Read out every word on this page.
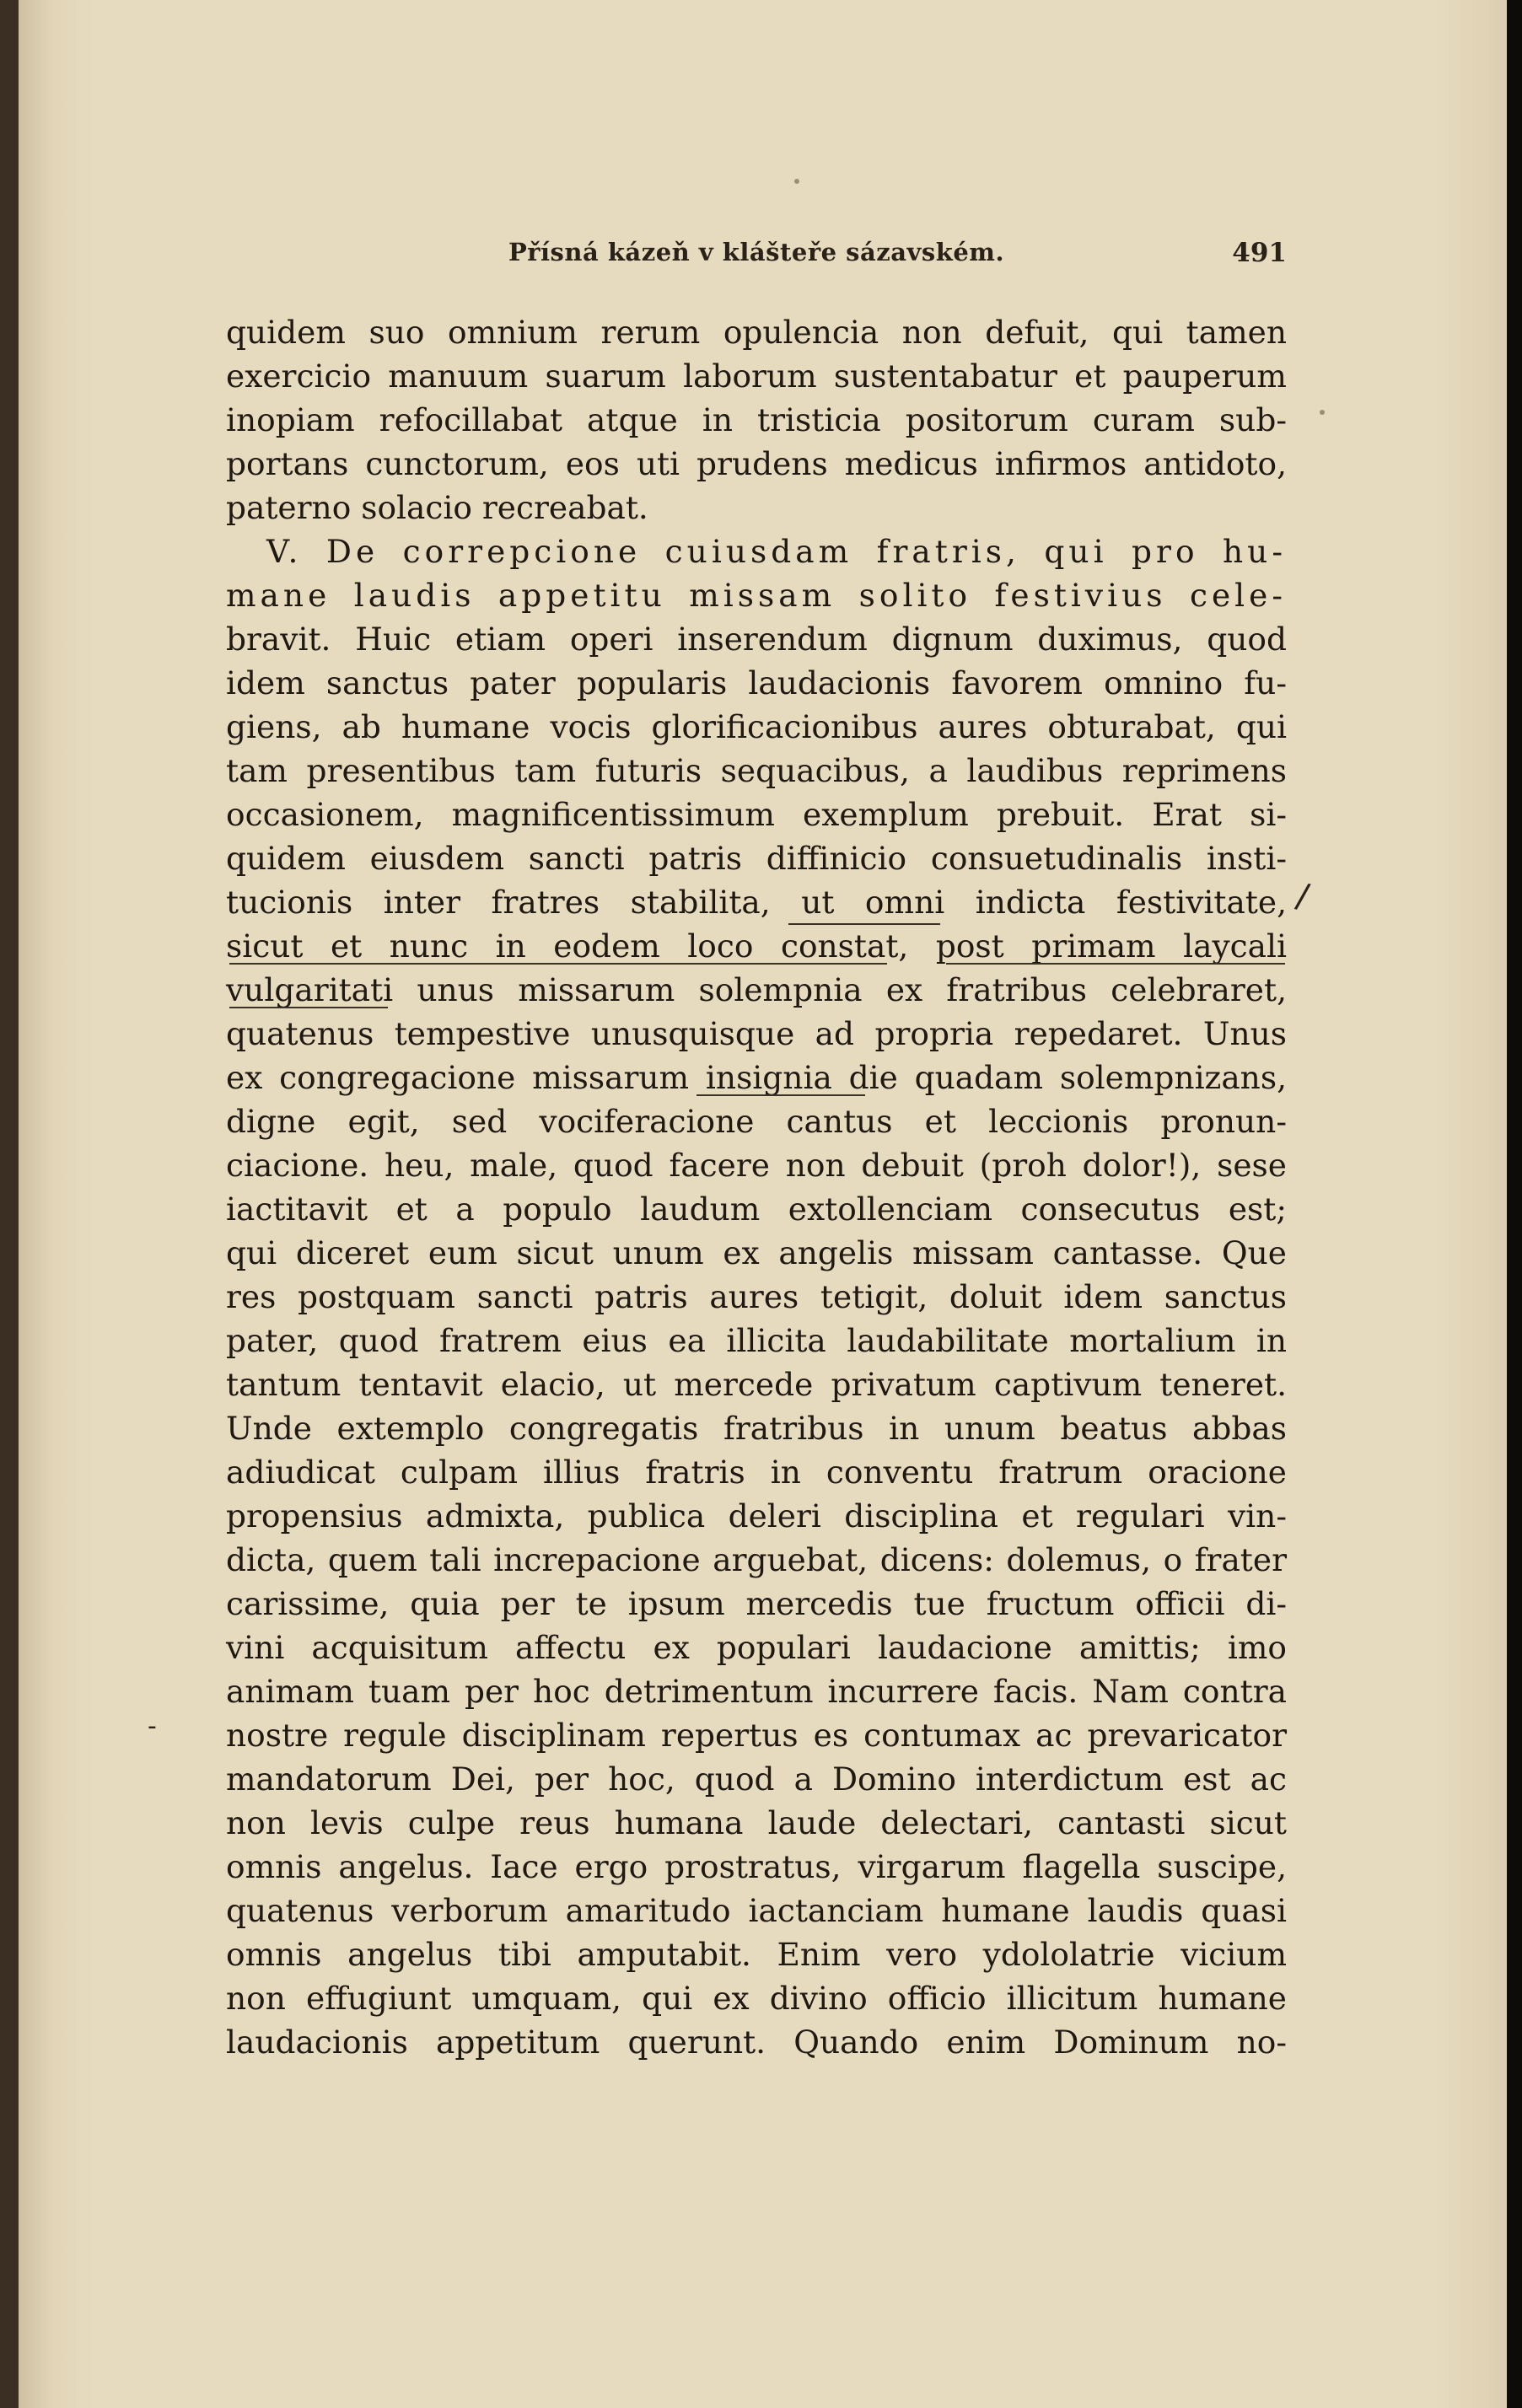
Přísná kázeň v klášteře sázavském.	491
quidem suo omnium rerum opulencia non defuit, qui tamen
exercicio manuum suarum laborum sustentabatur et pauperum
inopiam refocillabat atque in tristicia positorum curam sub-
portans cunctorum, eos uti prudens medicus infirmos antidoto,
paterno solacio recreabat.
V. De correpcione cuiusdam fratris, qui pro hu-
mane laudis appetitu missam solito festivius cele-
bravit. Huic etiam operi inserendum dignum duximus, quod
idem sanctus pater popularis laudacionis favorem omnino fu-
giens, ab humane vocis glorificacionibus aures obturabat, qui
tam presentibus tam futuris sequacibus, a laudibus reprimens
occasionem, magnificentissimum exemplum prebuit. Erat si-
quidem eiusdem sancti patris diffinicio consuetudinalis insti-
tucionis inter fratres stabilita, ut omni indicta festivitate,
sicut et nunc in eodem loco constat, post primam laycali
vulgaritati unus missarum solempnia ex fratribus celebraret,
quatenus tempestive unusquisque ad propria repedaret. Unus
ex congregacione missarum insignia die quadam solempnizans,
digne egit, sed vociferacione cantus et leccionis pronun-
ciacione. heu, male, quod facere non debuit (proh dolor!), sese
iactitavit et a populo laudum extollenciam consecutus est;
qui diceret eum sicut unum ex angelis missam cantasse. Que
res postquam sancti patris aures tetigit, doluit idem sanctus
pater, quod fratrem eius ea illicita laudabilitate mortalium in
tantum tentavit elacio, ut mercede privatum captivum teneret.
Unde extemplo congregatis fratribus in unum beatus abbas
adiudicat culpam illius fratris in conventu fratrum oracione
propensius admixta, publica deleri disciplina et regulari vin-
dicta, quem tali increpacione arguebat, dicens: dolemus, o frater
carissime, quia per te ipsum mercedis tue fructum officii di-
vini acquisitum affectu ex populari laudacione amittis; imo
animam tuam per hoc detrimentum incurrere facis. Nam contra
nostre regule disciplinam repertus es contumax ac prevaricator
mandatorum Dei, per hoc, quod a Domino interdictum est ac
non levis culpe reus humana laude delectari, cantasti sicut
omnis angelus. Iace ergo prostratus, virgarum flagella suscipe,
quatenus verborum amaritudo iactanciam humane laudis quasi
omnis angelus tibi amputabit. Enim vero ydololatrie vicium
non effugiunt umquam, qui ex divino officio illicitum humane
laudacionis appetitum querunt. Quando enim Dominum no-
/
-
